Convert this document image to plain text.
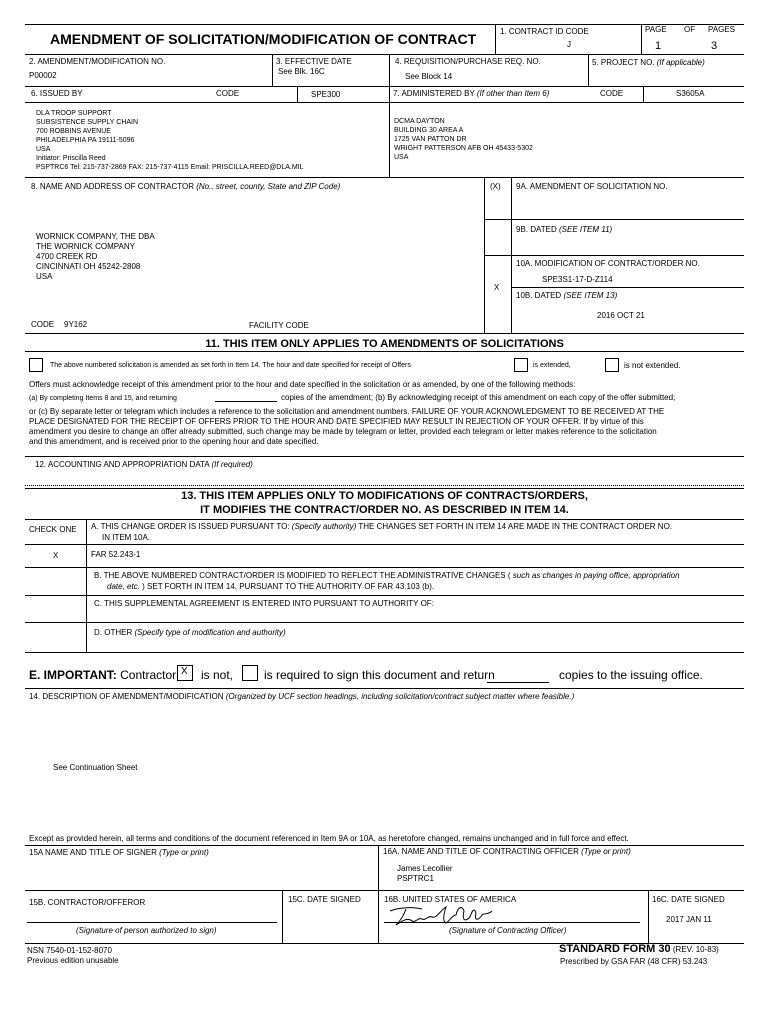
AMENDMENT OF SOLICITATION/MODIFICATION OF CONTRACT	1. CONTRACT ID CODE
J
PAGE OF PAGES
1	3
2. AMENDMENT/MODIFICATION NO.
P00002
3. EFFECTIVE DATE
See Blk. 16C
4. REQUISITION/PURCHASE REQ. NO.
See Block 14
5. PROJECT NO. (If applicable)
6. ISSUED BY	CODE	SPE300
DLA TROOP SUPPORT
SUBSISTENCE SUPPLY CHAIN
700 ROBBINS AVENUE
PHILADELPHIA PA 19111-5096
USA
Initiator: Priscilla Reed
PSPTRC6 Tel: 215-737-2869 FAX: 215-737-4115 Email: PRISCILLA.REED@DLA.MIL
7. ADMINISTERED BY (If other than Item 6)	CODE	S3605A
DCMA DAYTON
BUILDING 30 AREA A
1725 VAN PATTON DR
WRIGHT PATTERSON AFB OH 45433-5302
USA
8. NAME AND ADDRESS OF CONTRACTOR (No., street, county, State and ZIP Code)
WORNICK COMPANY, THE DBA
THE WORNICK COMPANY
4700 CREEK RD
CINCINNATI OH 45242-2808
USA
CODE 9Y162	FACILITY CODE
(X) 9A. AMENDMENT OF SOLICITATION NO.
9B. DATED (SEE ITEM 11)
X
10A. MODIFICATION OF CONTRACT/ORDER NO.
SPE3S1-17-D-Z114
10B. DATED (SEE ITEM 13)
2016 OCT 21
11. THIS ITEM ONLY APPLIES TO AMENDMENTS OF SOLICITATIONS
The above numbered solicitation is amended as set forth in Item 14. The hour and date specified for receipt of Offers	is extended,	is not extended.
Offers must acknowledge receipt of this amendment prior to the hour and date specified in the solicitation or as amended, by one of the following methods:
(a) By completing Items 8 and 15, and returning	copies of the amendment; (b) By acknowledging receipt of this amendment on each copy of the offer submitted;
or (c) By separate letter or telegram which includes a reference to the solicitation and amendment numbers. FAILURE OF YOUR ACKNOWLEDGMENT TO BE RECEIVED AT THE
PLACE DESIGNATED FOR THE RECEIPT OF OFFERS PRIOR TO THE HOUR AND DATE SPECIFIED MAY RESULT IN REJECTION OF YOUR OFFER. If by virtue of this
amendment you desire to change an offer already submitted, such change may be made by telegram or letter, provided each telegram or letter makes reference to the solicitation
and this amendment, and is received prior to the opening hour and date specified.
12. ACCOUNTING AND APPROPRIATION DATA (If required)
13. THIS ITEM APPLIES ONLY TO MODIFICATIONS OF CONTRACTS/ORDERS,
IT MODIFIES THE CONTRACT/ORDER NO. AS DESCRIBED IN ITEM 14.
CHECK ONE A. THIS CHANGE ORDER IS ISSUED PURSUANT TO: (Specify authority) THE CHANGES SET FORTH IN ITEM 14 ARE MADE IN THE CONTRACT ORDER NO.
IN ITEM 10A.
X	FAR 52.243-1
B. THE ABOVE NUMBERED CONTRACT/ORDER IS MODIFIED TO REFLECT THE ADMINISTRATIVE CHANGES ( such as changes in paying office, appropriation
date, etc. ) SET FORTH IN ITEM 14, PURSUANT TO THE AUTHORITY OF FAR 43.103 (b).
C. THIS SUPPLEMENTAL AGREEMENT IS ENTERED INTO PURSUANT TO AUTHORITY OF:
D. OTHER (Specify type of modification and authority)
E. IMPORTANT: Contractor X is not,	is required to sign this document and return	copies to the issuing office.
14. DESCRIPTION OF AMENDMENT/MODIFICATION (Organized by UCF section headings, including solicitation/contract subject matter where feasible.)
See Continuation Sheet
Except as provided herein, all terms and conditions of the document referenced in Item 9A or 10A, as heretofore changed, remains unchanged and in full force and effect.
15A NAME AND TITLE OF SIGNER (Type or print)	16A. NAME AND TITLE OF CONTRACTING OFFICER (Type or print)
James Lecollier
PSPTRC1
15B. CONTRACTOR/OFFEROR
(Signature of person authorized to sign)
15C. DATE SIGNED	16B. UNITED STATES OF AMERICA
(Signature of Contracting Officer)
16C. DATE SIGNED
2017 JAN 11
NSN 7540-01-152-8070
Previous edition unusable
STANDARD FORM 30 (REV. 10-83)
Prescribed by GSA FAR (48 CFR) 53.243
